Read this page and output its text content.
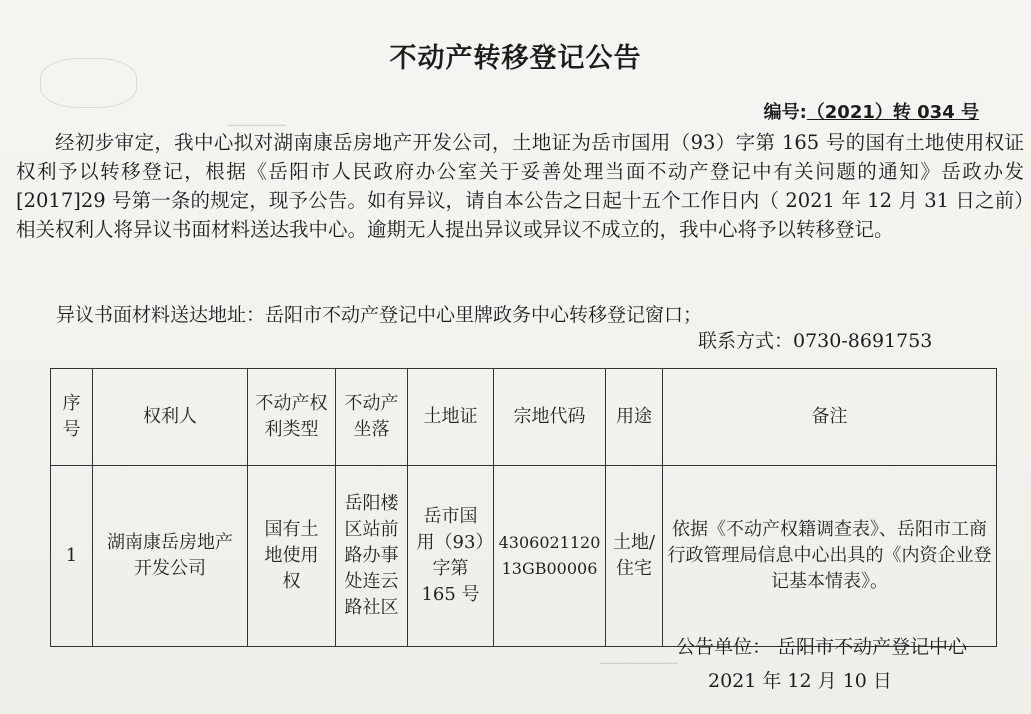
──────
────────
不动产转移登记公告
编号:（2021）转 034 号

经初步审定，我中心拟对湖南康岳房地产开发公司，土地证为岳市国用（93）字第 165 号的国有土地使用权证权利予以转移登记，根据《岳阳市人民政府办公室关于妥善处理当面不动产登记中有关问题的通知》岳政办发[2017]29 号第一条的规定，现予公告。如有异议，请自本公告之日起十五个工作日内（ 2021 年 12 月 31 日之前）相关权利人将异议书面材料送达我中心。逾期无人提出异议或异议不成立的，我中心将予以转移登记。

异议书面材料送达地址：岳阳市不动产登记中心里牌政务中心转移登记窗口；
联系方式：0730-8691753
序号	权利人	不动产权利类型	不动产坐落	土地证	宗地代码	用途	备注
1	湖南康岳房地产开发公司	国有土地使用权	岳阳楼区站前路办事处连云路社区	岳市国用（93）字第 165 号	430602112013GB00006	土地/住宅	依据《不动产权籍调查表》、岳阳市工商行政管理局信息中心出具的《内资企业登记基本情表》。
公告单位： 岳阳市不动产登记中心
2021 年 12 月 10 日
